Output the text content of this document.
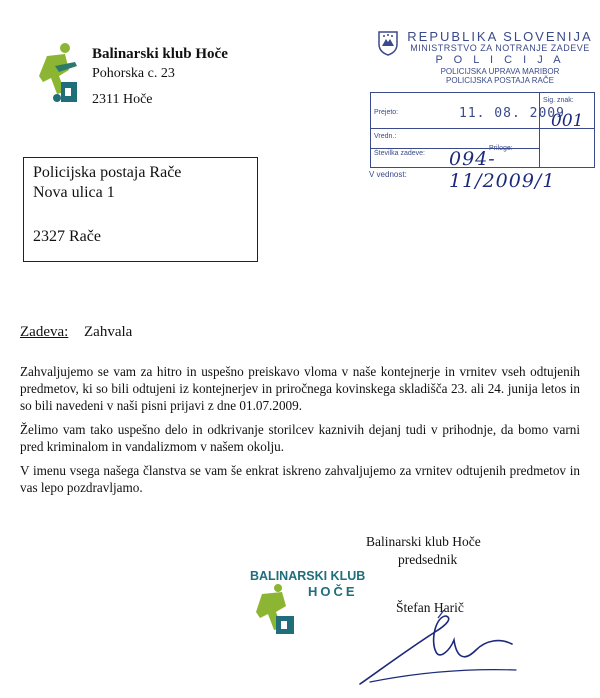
Balinarski klub Hoče
Pohorska c. 23
2311 Hoče
REPUBLIKA SLOVENIJA
MINISTRSTVO ZA NOTRANJE ZADEVE
P O L I C I J A
POLICIJSKA UPRAVA MARIBOR
POLICIJSKA POSTAJA RAČE
Prejeto:	11. 08. 2009
Sig. znak:
001
Vredn.:
Priloge:
Številka zadeve: 094-11/2009/1
V vednost:
Policijska postaja Rače
Nova ulica 1
2327 Rače
Zadeva: Zahvala
Zahvaljujemo se vam za hitro in uspešno preiskavo vloma v naše kontejnerje in vrnitev vseh odtujenih predmetov, ki so bili odtujeni iz kontejnerjev in priročnega kovinskega skladišča 23. ali 24. junija letos in so bili navedeni v naši pisni prijavi z dne 01.07.2009.
Želimo vam tako uspešno delo in odkrivanje storilcev kaznivih dejanj tudi v prihodnje, da bomo varni pred kriminalom in vandalizmom v našem okolju.
V imenu vsega našega članstva se vam še enkrat iskreno zahvaljujemo za vrnitev odtujenih predmetov in vas lepo pozdravljamo.
Balinarski klub Hoče
predsednik
BALINARSKI KLUB
HOČE
Štefan Harič
